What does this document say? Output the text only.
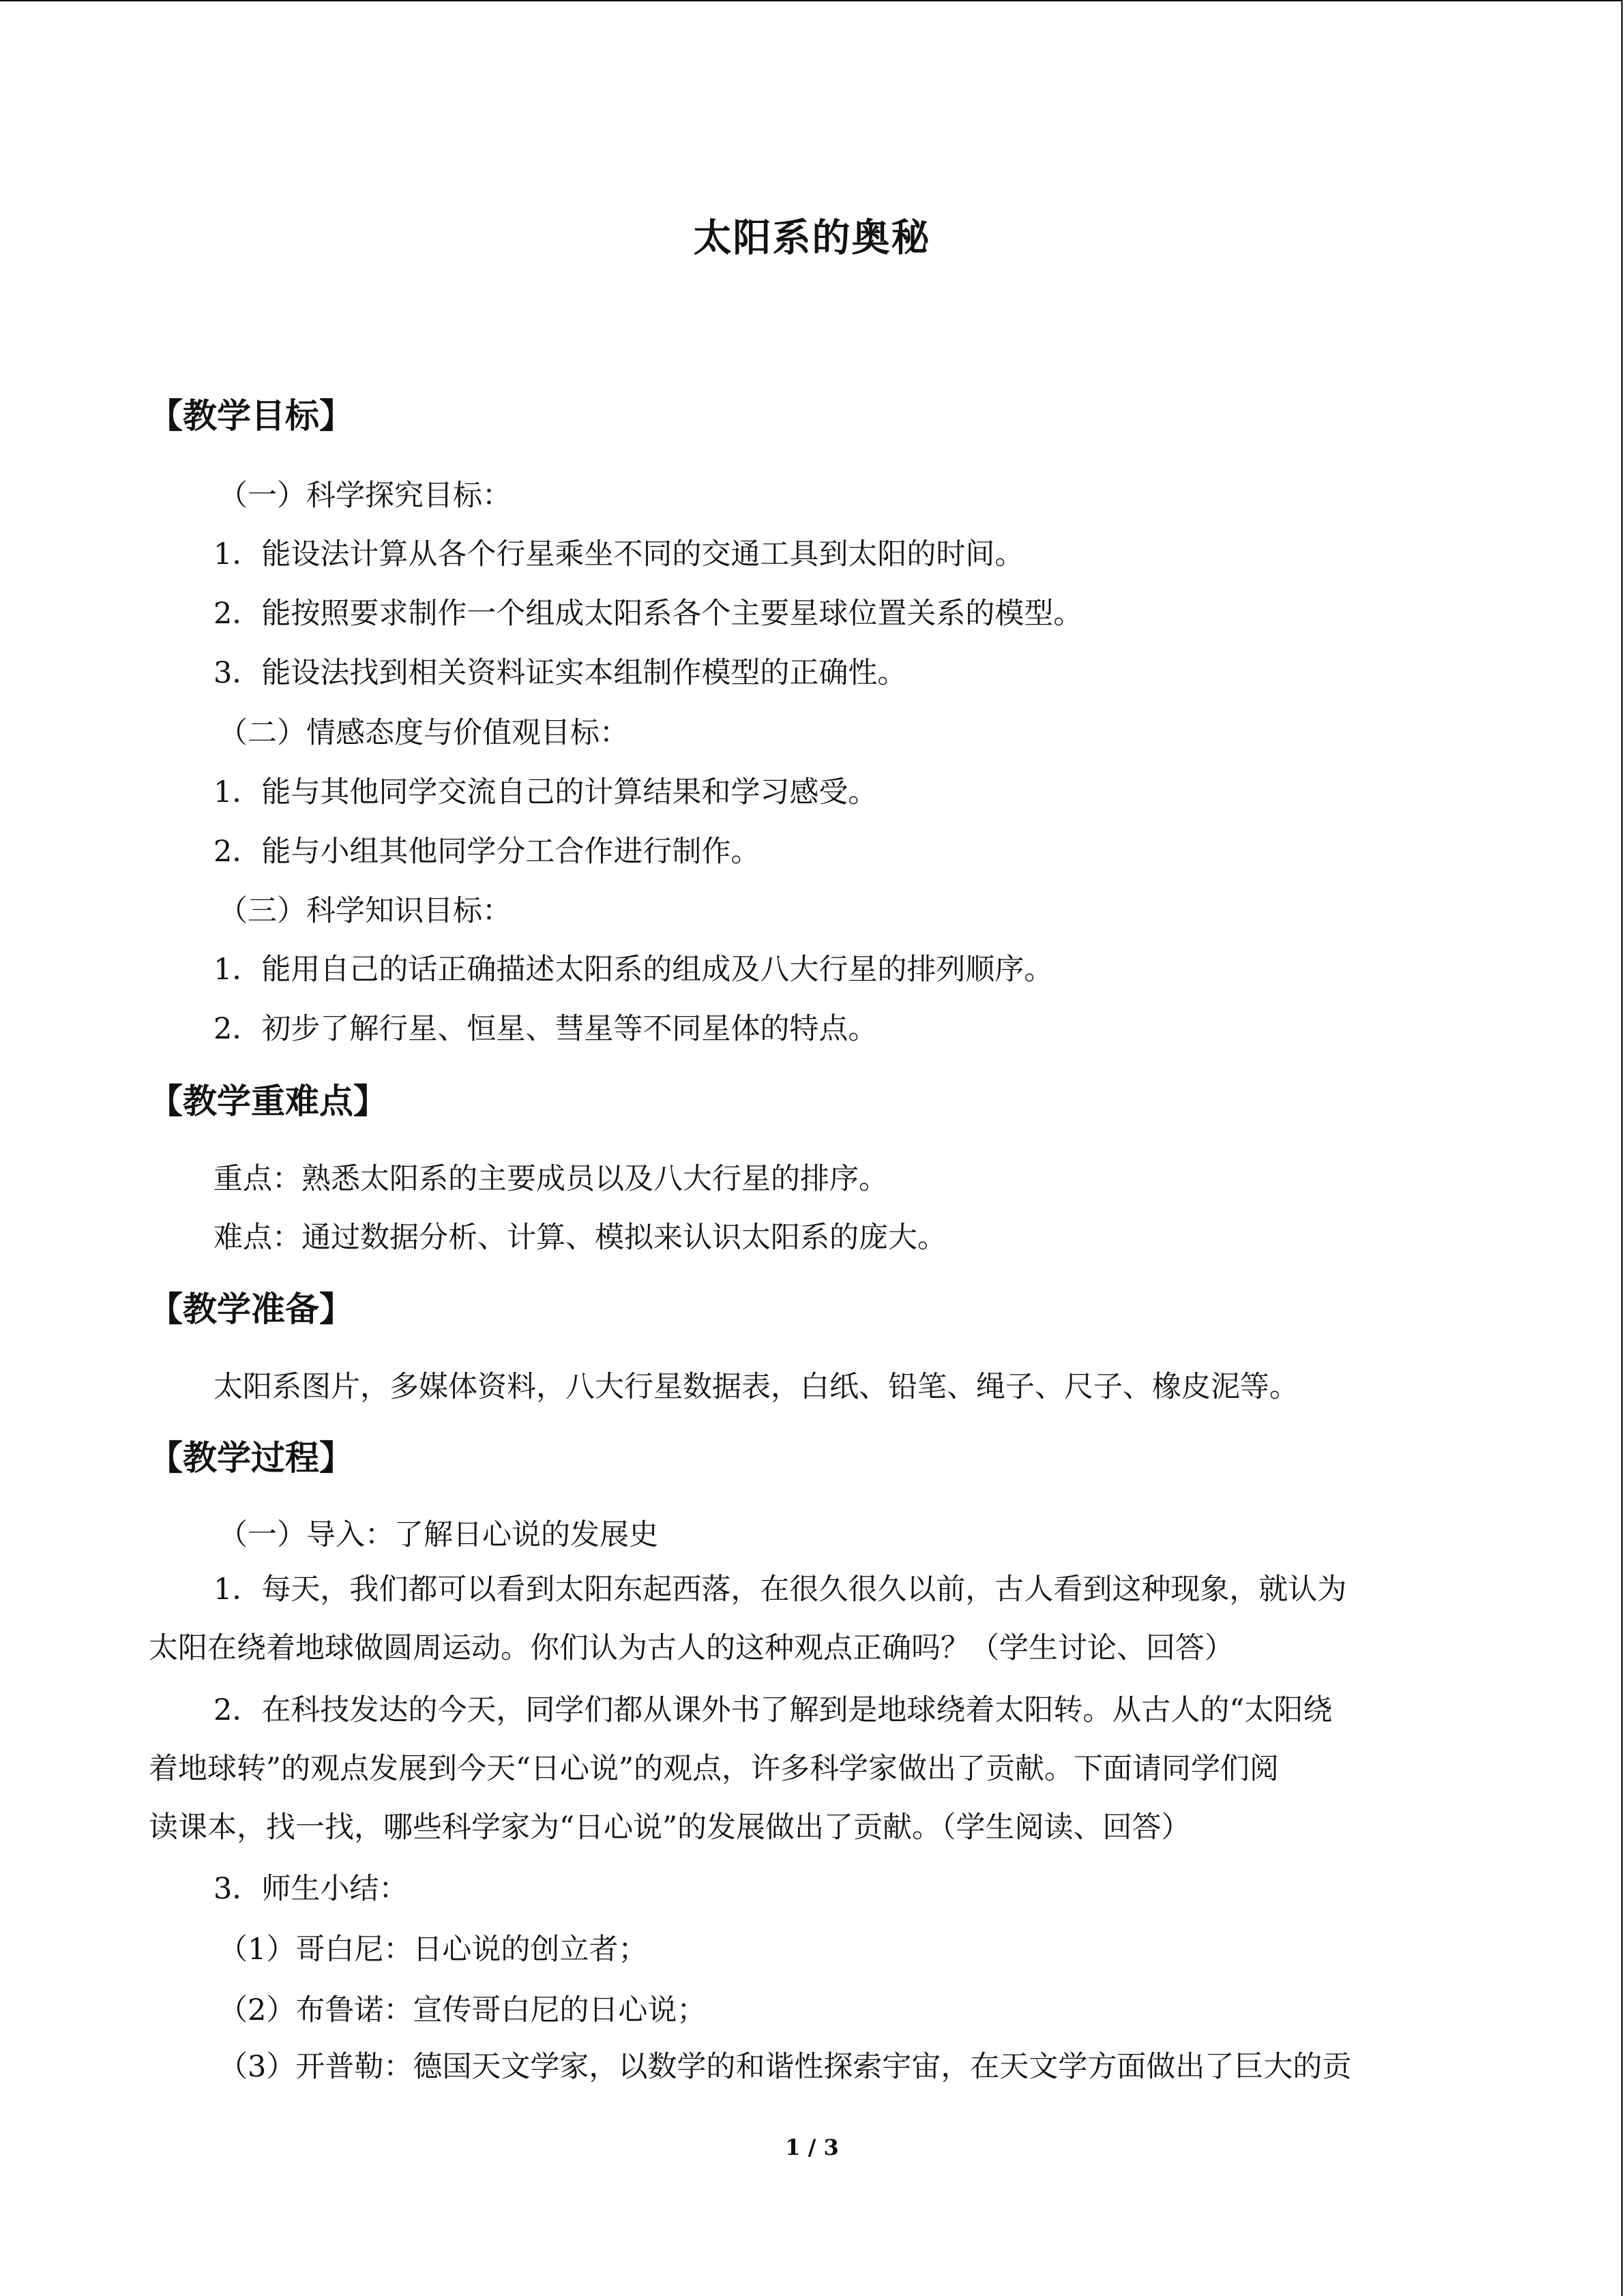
太阳系的奥秘
【教学目标】
（一）科学探究目标：
1．能设法计算从各个行星乘坐不同的交通工具到太阳的时间。
2．能按照要求制作一个组成太阳系各个主要星球位置关系的模型。
3．能设法找到相关资料证实本组制作模型的正确性。
（二）情感态度与价值观目标：
1．能与其他同学交流自己的计算结果和学习感受。
2．能与小组其他同学分工合作进行制作。
（三）科学知识目标：
1．能用自己的话正确描述太阳系的组成及八大行星的排列顺序。
2．初步了解行星、恒星、彗星等不同星体的特点。
【教学重难点】
重点：熟悉太阳系的主要成员以及八大行星的排序。
难点：通过数据分析、计算、模拟来认识太阳系的庞大。
【教学准备】
太阳系图片，多媒体资料，八大行星数据表，白纸、铅笔、绳子、尺子、橡皮泥等。
【教学过程】
（一）导入：了解日心说的发展史
1．每天，我们都可以看到太阳东起西落，在很久很久以前，古人看到这种现象，就认为
太阳在绕着地球做圆周运动。你们认为古人的这种观点正确吗？（学生讨论、回答）
2．在科技发达的今天，同学们都从课外书了解到是地球绕着太阳转。从古人的“太阳绕
着地球转”的观点发展到今天“日心说”的观点，许多科学家做出了贡献。下面请同学们阅
读课本，找一找，哪些科学家为“日心说”的发展做出了贡献。（学生阅读、回答）
3．师生小结：
（1）哥白尼：日心说的创立者；
（2）布鲁诺：宣传哥白尼的日心说；
（3）开普勒：德国天文学家，以数学的和谐性探索宇宙，在天文学方面做出了巨大的贡
1 / 3
